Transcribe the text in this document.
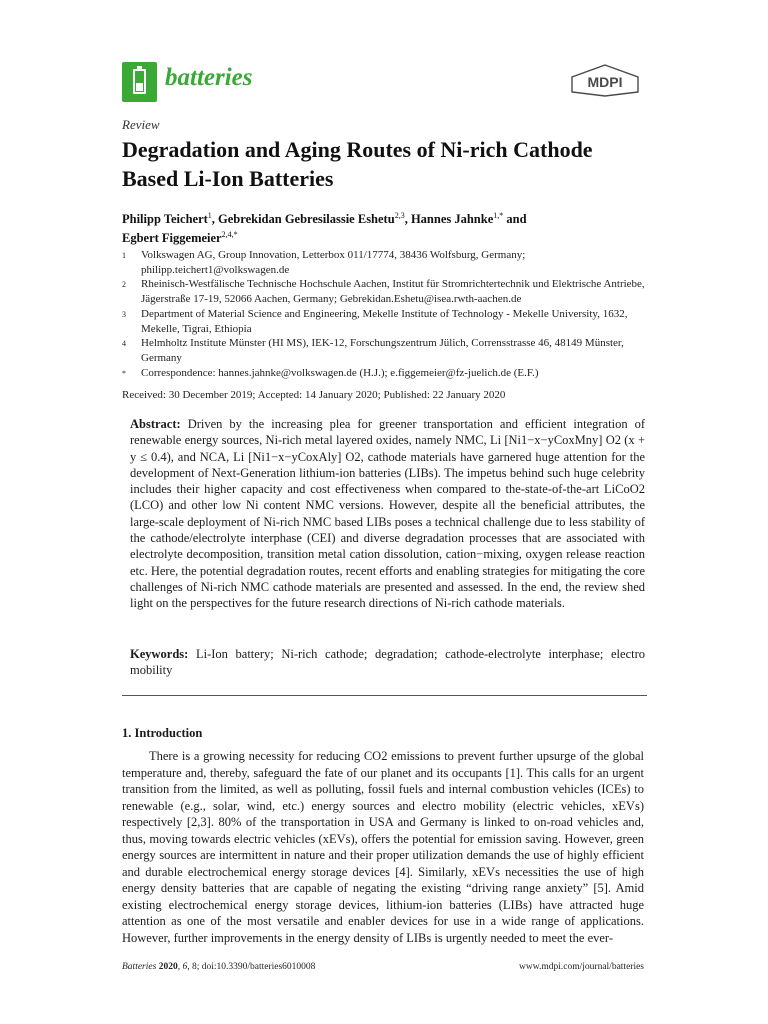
batteries	MDPI
Review
Degradation and Aging Routes of Ni-rich Cathode Based Li-Ion Batteries
Philipp Teichert$^1$, Gebrekidan Gebresilassie Eshetu$^{2,3}$, Hannes Jahnke$^{1,*}$ and
Egbert Figgemeier$^{2,4,*}$
1	Volkswagen AG, Group Innovation, Letterbox 011/17774, 38436 Wolfsburg, Germany; philipp.teichert1@volkswagen.de
2	Rheinisch-Westfälische Technische Hochschule Aachen, Institut für Stromrichtertechnik und Elektrische Antriebe, Jägerstraße 17-19, 52066 Aachen, Germany; Gebrekidan.Eshetu@isea.rwth-aachen.de
3	Department of Material Science and Engineering, Mekelle Institute of Technology - Mekelle University, 1632, Mekelle, Tigrai, Ethiopia
4	Helmholtz Institute Münster (HI MS), IEK-12, Forschungszentrum Jülich, Corrensstrasse 46, 48149 Münster, Germany
*	Correspondence: hannes.jahnke@volkswagen.de (H.J.); e.figgemeier@fz-juelich.de (E.F.)
Received: 30 December 2019; Accepted: 14 January 2020; Published: 22 January 2020
Abstract: Driven by the increasing plea for greener transportation and efficient integration of renewable energy sources, Ni-rich metal layered oxides, namely NMC, Li [Ni1−x−yCoxMny] O2 (x + y ≤ 0.4), and NCA, Li [Ni1−x−yCoxAly] O2, cathode materials have garnered huge attention for the development of Next-Generation lithium-ion batteries (LIBs). The impetus behind such huge celebrity includes their higher capacity and cost effectiveness when compared to the-state-of-the-art LiCoO2 (LCO) and other low Ni content NMC versions. However, despite all the beneficial attributes, the large-scale deployment of Ni-rich NMC based LIBs poses a technical challenge due to less stability of the cathode/electrolyte interphase (CEI) and diverse degradation processes that are associated with electrolyte decomposition, transition metal cation dissolution, cation−mixing, oxygen release reaction etc. Here, the potential degradation routes, recent efforts and enabling strategies for mitigating the core challenges of Ni-rich NMC cathode materials are presented and assessed. In the end, the review shed light on the perspectives for the future research directions of Ni-rich cathode materials.
Keywords: Li-Ion battery; Ni-rich cathode; degradation; cathode-electrolyte interphase; electro mobility
1. Introduction
There is a growing necessity for reducing CO2 emissions to prevent further upsurge of the global temperature and, thereby, safeguard the fate of our planet and its occupants [1]. This calls for an urgent transition from the limited, as well as polluting, fossil fuels and internal combustion vehicles (ICEs) to renewable (e.g., solar, wind, etc.) energy sources and electro mobility (electric vehicles, xEVs) respectively [2,3]. 80% of the transportation in USA and Germany is linked to on-road vehicles and, thus, moving towards electric vehicles (xEVs), offers the potential for emission saving. However, green energy sources are intermittent in nature and their proper utilization demands the use of highly efficient and durable electrochemical energy storage devices [4]. Similarly, xEVs necessities the use of high energy density batteries that are capable of negating the existing “driving range anxiety” [5]. Amid existing electrochemical energy storage devices, lithium-ion batteries (LIBs) have attracted huge attention as one of the most versatile and enabler devices for use in a wide range of applications. However, further improvements in the energy density of LIBs is urgently needed to meet the ever-
Batteries 2020, 6, 8; doi:10.3390/batteries6010008	www.mdpi.com/journal/batteries
